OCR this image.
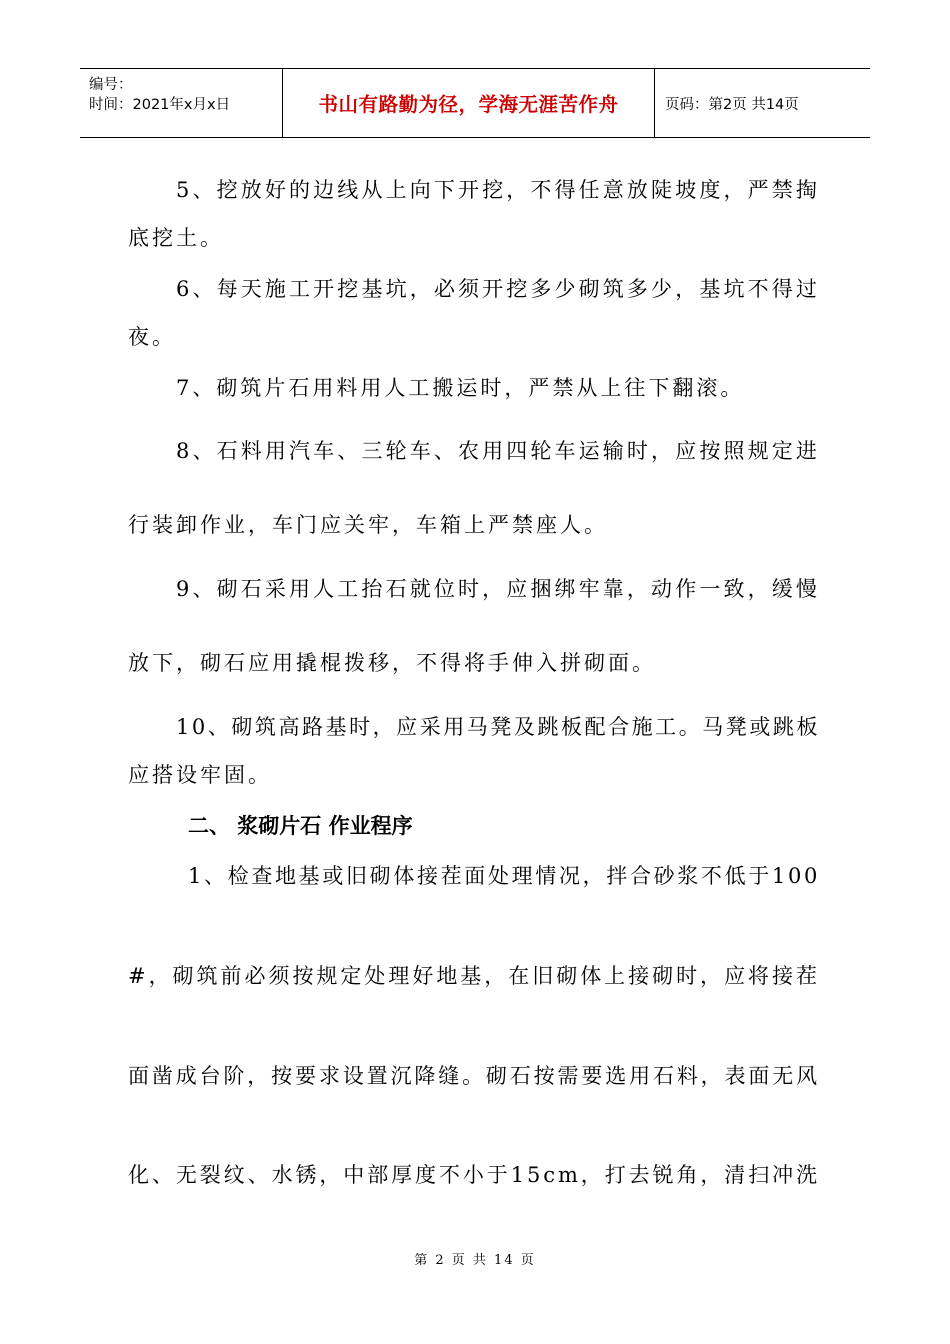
编号：
时间：2021年x月x日	书山有路勤为径，学海无涯苦作舟	页码：第2页 共14页
5、挖放好的边线从上向下开挖，不得任意放陡坡度，严禁掏
底挖土。
6、每天施工开挖基坑，必须开挖多少砌筑多少，基坑不得过
夜。
7、砌筑片石用料用人工搬运时，严禁从上往下翻滚。
8、石料用汽车、三轮车、农用四轮车运输时，应按照规定进
行装卸作业，车门应关牢，车箱上严禁座人。
9、砌石采用人工抬石就位时，应捆绑牢靠，动作一致，缓慢
放下，砌石应用撬棍拨移，不得将手伸入拼砌面。
10、砌筑高路基时，应采用马凳及跳板配合施工。马凳或跳板
应搭设牢固。
二、 浆砌片石 作业程序
1、检查地基或旧砌体接茬面处理情况，拌合砂浆不低于100
#，砌筑前必须按规定处理好地基，在旧砌体上接砌时，应将接茬
面凿成台阶，按要求设置沉降缝。砌石按需要选用石料，表面无风
化、无裂纹、水锈，中部厚度不小于15cm，打去锐角，清扫冲洗
第 2 页 共 14 页
